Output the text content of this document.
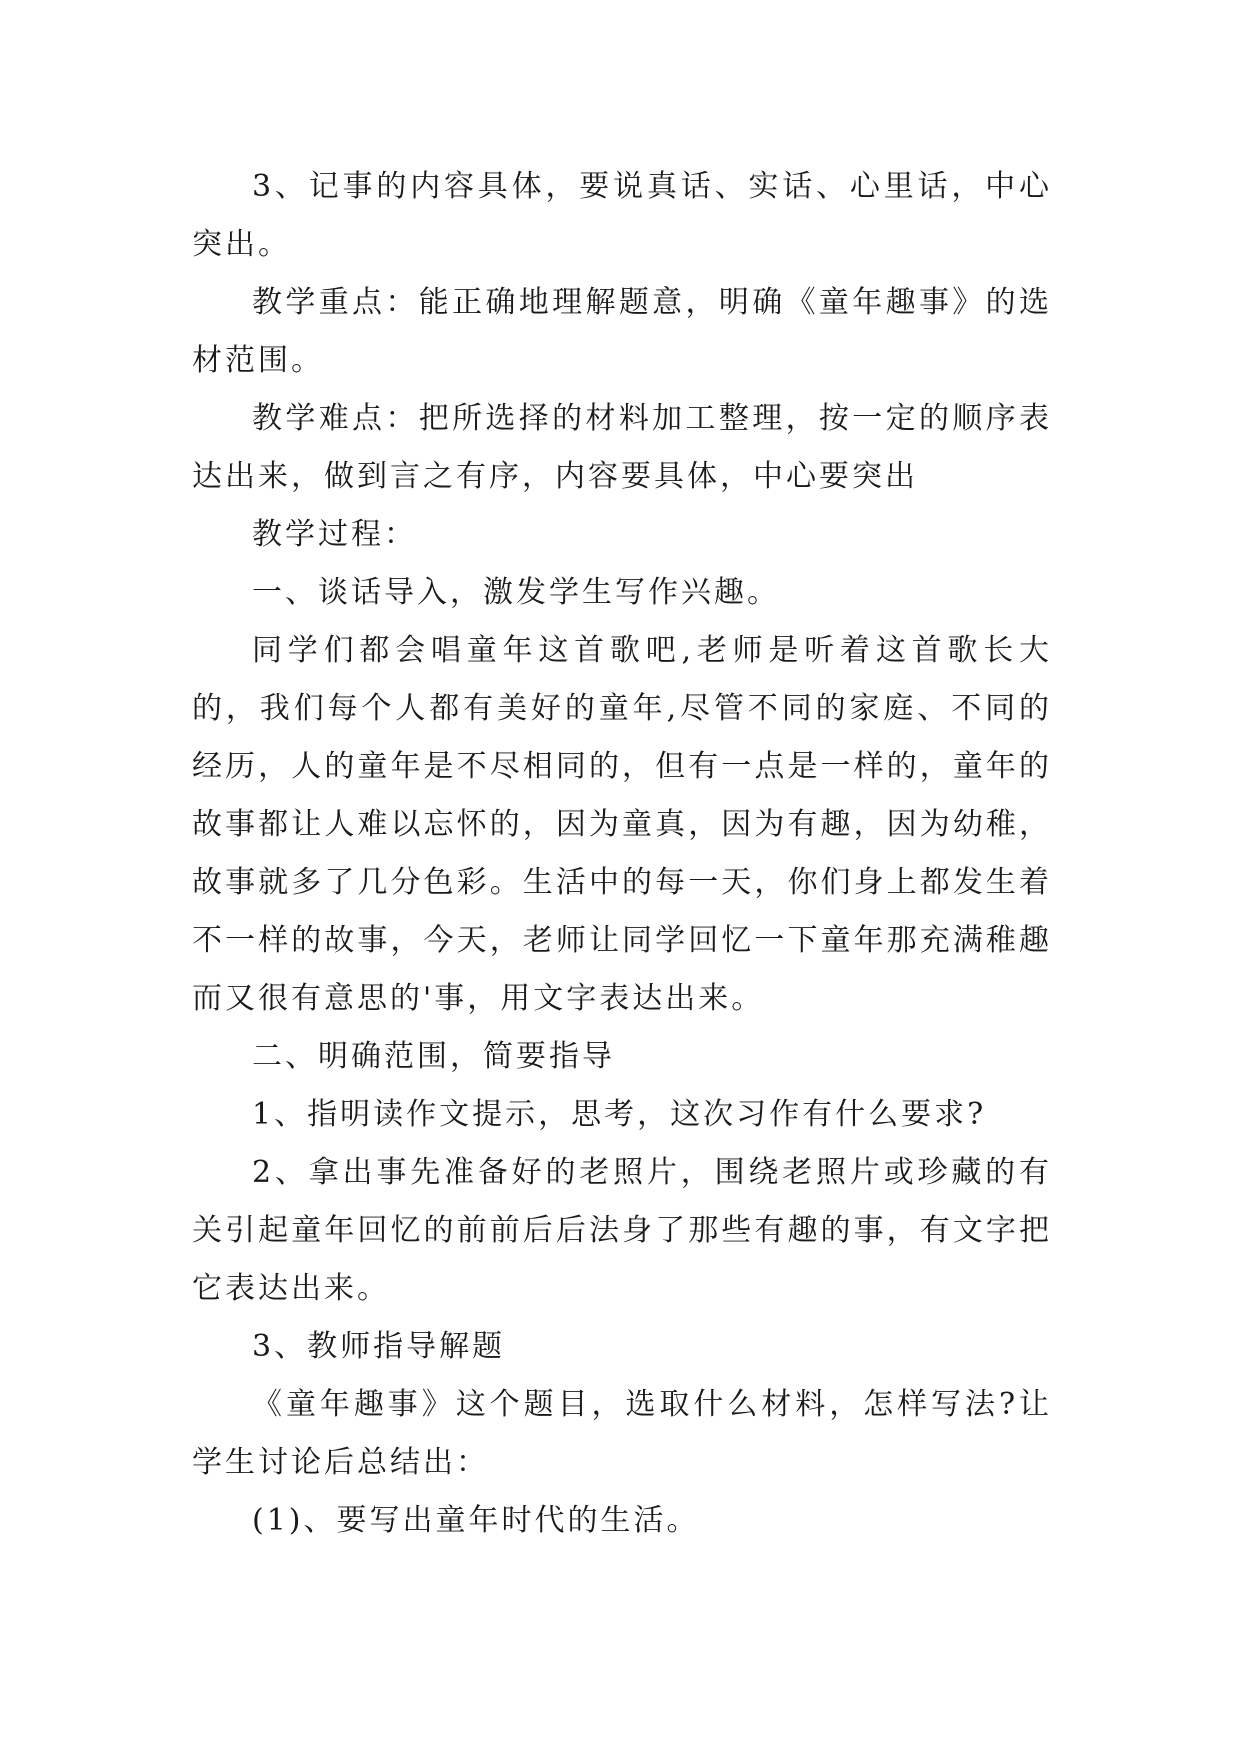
3、记事的内容具体，要说真话、实话、心里话，中心突出。

教学重点：能正确地理解题意，明确《童年趣事》的选材范围。

教学难点：把所选择的材料加工整理，按一定的顺序表达出来，做到言之有序，内容要具体，中心要突出

教学过程：

一、谈话导入，激发学生写作兴趣。

同学们都会唱童年这首歌吧,老师是听着这首歌长大的，我们每个人都有美好的童年,尽管不同的家庭、不同的经历，人的童年是不尽相同的，但有一点是一样的，童年的故事都让人难以忘怀的，因为童真，因为有趣，因为幼稚，故事就多了几分色彩。生活中的每一天，你们身上都发生着不一样的故事，今天，老师让同学回忆一下童年那充满稚趣而又很有意思的'事，用文字表达出来。

二、明确范围，简要指导

1、指明读作文提示，思考，这次习作有什么要求?

2、拿出事先准备好的老照片，围绕老照片或珍藏的有关引起童年回忆的前前后后法身了那些有趣的事，有文字把它表达出来。

3、教师指导解题

《童年趣事》这个题目，选取什么材料，怎样写法?让学生讨论后总结出：

(1)、要写出童年时代的生活。
